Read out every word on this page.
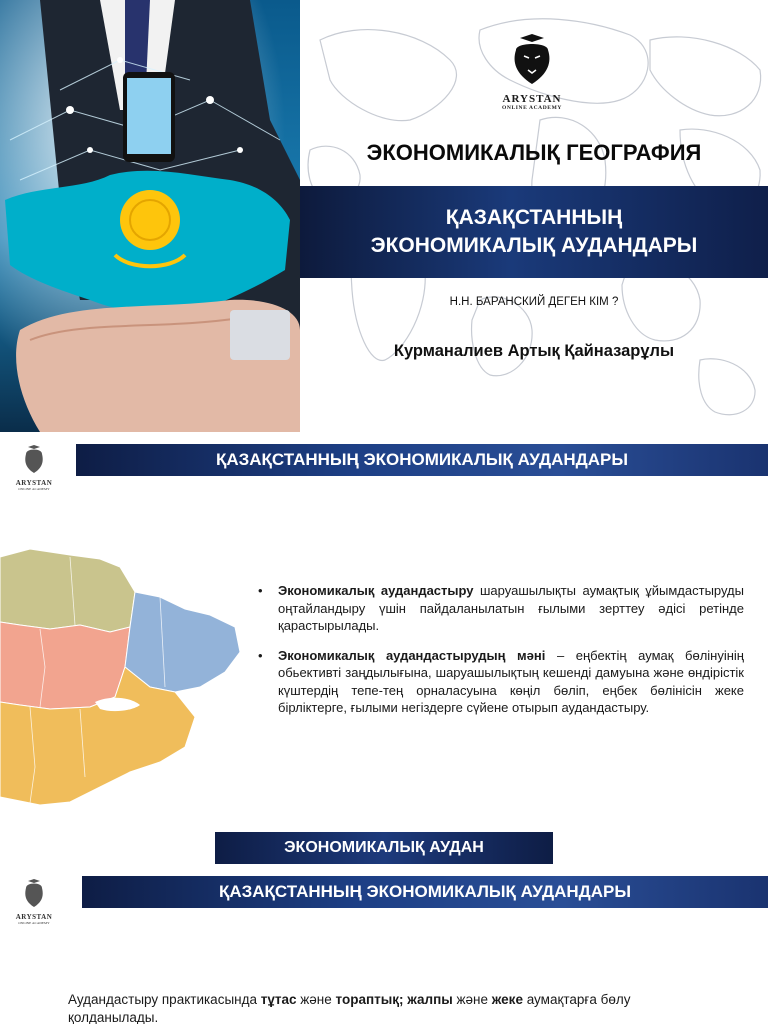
ARYSTAN
ONLINE ACADEMY
ЭКОНОМИКАЛЫҚ ГЕОГРАФИЯ
ҚАЗАҚСТАННЫҢ
ЭКОНОМИКАЛЫҚ АУДАНДАРЫ
Н.Н. БАРАНСКИЙ ДЕГЕН КІМ ?
Курманалиев Артық Қайназарұлы
ARYSTAN
ONLINE ACADEMY
ҚАЗАҚСТАННЫҢ ЭКОНОМИКАЛЫҚ АУДАНДАРЫ
• Экономикалық аудандастыру шаруашылықты аумақтық ұйымдастыруды оңтайландыру үшін пайдаланылатын ғылыми зерттеу әдісі ретінде қарастырылады.
• Экономикалық аудандастырудың мәні – еңбектің аумақ бөлінуінің обьективті заңдылығына, шаруашылықтың кешенді дамуына және өндірістік күштердің тепе-тең орналасуына көңіл бөліп, еңбек бөлінісін жеке бірліктерге, ғылыми негіздерге сүйене отырып аудандастыру.
ЭКОНОМИКАЛЫҚ АУДАН
ARYSTAN
ONLINE ACADEMY
ҚАЗАҚСТАННЫҢ ЭКОНОМИКАЛЫҚ АУДАНДАРЫ
Аудандастыру практикасында тұтас және торaптық; жалпы және жеке аумақтарға бөлу қолданылады.
